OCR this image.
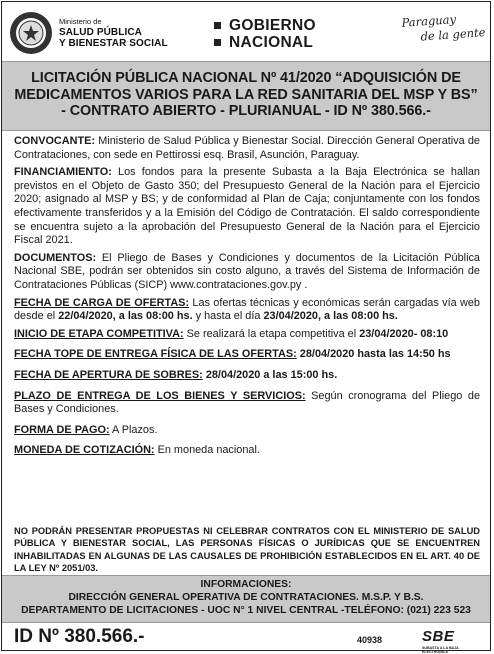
Ministerio de
SALUD PÚBLICA
Y BIENESTAR SOCIAL
GOBIERNO
NACIONAL
Paraguay
de la gente
LICITACIÓN PÚBLICA NACIONAL Nº 41/2020 “ADQUISICIÓN DE MEDICAMENTOS VARIOS PARA LA RED SANITARIA DEL MSP Y BS” - CONTRATO ABIERTO - PLURIANUAL - ID Nº 380.566.-

CONVOCANTE: Ministerio de Salud Pública y Bienestar Social. Dirección General Operativa de Contrataciones, con sede en Pettirossi esq. Brasil, Asunción, Paraguay.

FINANCIAMIENTO: Los fondos para la presente Subasta a la Baja Electrónica se hallan previstos en el Objeto de Gasto 350; del Presupuesto General de la Nación para el Ejercicio 2020; asignado al MSP y BS; y de conformidad al Plan de Caja; conjuntamente con los fondos efectivamente transferidos y a la Emisión del Código de Contratación. El saldo correspondiente se encuentra sujeto a la aprobación del Presupuesto General de la Nación para el Ejercicio Fiscal 2021.

DOCUMENTOS: El Pliego de Bases y Condiciones y documentos de la Licitación Pública Nacional SBE, podrán ser obtenidos sin costo alguno, a través del Sistema de Información de Contrataciones Públicas (SICP) www.contrataciones.gov.py .

FECHA DE CARGA DE OFERTAS: Las ofertas técnicas y económicas serán cargadas vía web desde el 22/04/2020, a las 08:00 hs. y hasta el día 23/04/2020, a las 08:00 hs.

INICIO DE ETAPA COMPETITIVA: Se realizará la etapa competitiva el 23/04/2020- 08:10

FECHA TOPE DE ENTREGA FÍSICA DE LAS OFERTAS: 28/04/2020 hasta las 14:50 hs

FECHA DE APERTURA DE SOBRES: 28/04/2020 a las 15:00 hs.

PLAZO DE ENTREGA DE LOS BIENES Y SERVICIOS: Según cronograma del Pliego de Bases y Condiciones.

FORMA DE PAGO: A Plazos.

MONEDA DE COTIZACIÓN: En moneda nacional.

NO PODRÁN PRESENTAR PROPUESTAS NI CELEBRAR CONTRATOS CON EL MINISTERIO DE SALUD PÚBLICA Y BIENESTAR SOCIAL, LAS PERSONAS FÍSICAS O JURÍDICAS QUE SE ENCUENTREN INHABILITADAS EN ALGUNAS DE LAS CAUSALES DE PROHIBICIÓN ESTABLECIDOS EN EL ART. 40 DE LA LEY Nº 2051/03.
INFORMACIONES:
DIRECCIÓN GENERAL OPERATIVA DE CONTRATACIONES. M.S.P. Y B.S.
DEPARTAMENTO DE LICITACIONES - UOC N° 1 NIVEL CENTRAL -TELÉFONO: (021) 223 523
ID Nº 380.566.-	40938	SBE
SUBASTA A LA BAJA
ELECTRÓNICA
